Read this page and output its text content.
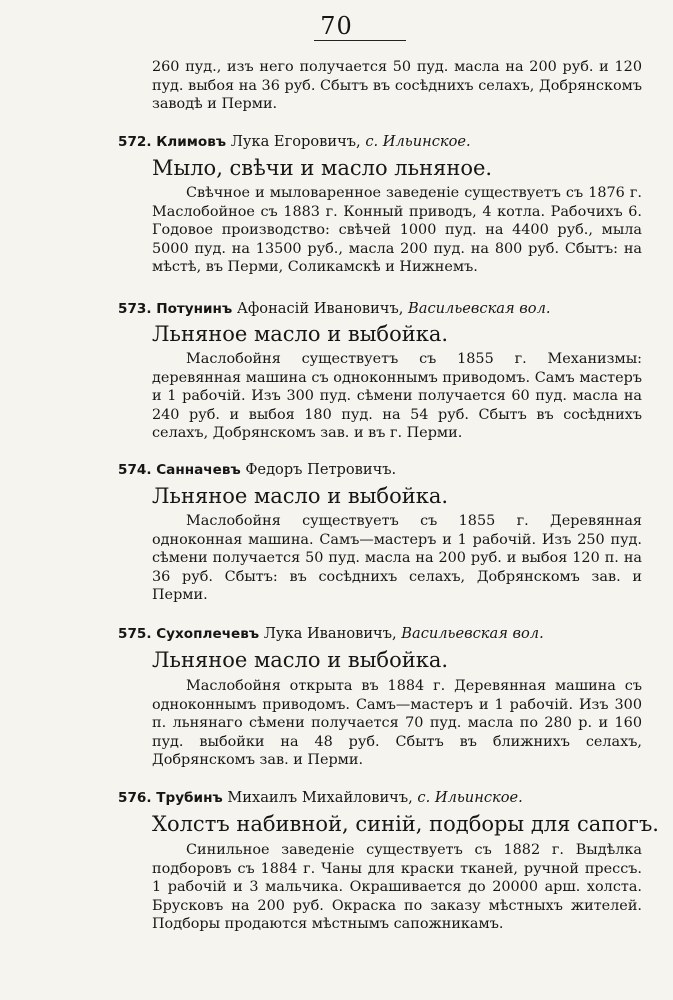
70

260 пуд., изъ него получается 50 пуд. масла на 200 руб. и 120 пуд. выбоя на 36 руб. Сбытъ въ сосѣднихъ селахъ, Добрянскомъ заводѣ и Перми.

572. Климовъ Лука Егоровичъ, с. Ильинское.
Мыло, свѣчи и масло льняное.

Свѣчное и мыловаренное заведеніе существуетъ съ 1876 г. Маслобойное съ 1883 г. Конный приводъ, 4 котла. Рабочихъ 6. Годовое производство: свѣчей 1000 пуд. на 4400 руб., мыла 5000 пуд. на 13500 руб., масла 200 пуд. на 800 руб. Сбытъ: на мѣстѣ, въ Перми, Соликамскѣ и Нижнемъ.

573. Потунинъ Афонасій Ивановичъ, Васильевская вол.
Льняное масло и выбойка.

Маслобойня существуетъ съ 1855 г. Механизмы: деревянная машина съ одноконнымъ приводомъ. Самъ мастеръ и 1 рабочій. Изъ 300 пуд. сѣмени получается 60 пуд. масла на 240 руб. и выбоя 180 пуд. на 54 руб. Сбытъ въ сосѣднихъ селахъ, Добрянскомъ зав. и въ г. Перми.

574. Санначевъ Федоръ Петровичъ.
Льняное масло и выбойка.

Маслобойня существуетъ съ 1855 г. Деревянная одноконная машина. Самъ—мастеръ и 1 рабочій. Изъ 250 пуд. сѣмени получается 50 пуд. масла на 200 руб. и выбоя 120 п. на 36 руб. Сбытъ: въ сосѣднихъ селахъ, Добрянскомъ зав. и Перми.

575. Сухоплечевъ Лука Ивановичъ, Васильевская вол.
Льняное масло и выбойка.

Маслобойня открыта въ 1884 г. Деревянная машина съ одноконнымъ приводомъ. Самъ—мастеръ и 1 рабочій. Изъ 300 п. льнянаго сѣмени получается 70 пуд. масла по 280 р. и 160 пуд. выбойки на 48 руб. Сбытъ въ ближнихъ селахъ, Добрянскомъ зав. и Перми.

576. Трубинъ Михаилъ Михайловичъ, с. Ильинское.
Холстъ набивной, синій, подборы для сапогъ.

Синильное заведеніе существуетъ съ 1882 г. Выдѣлка подборовъ съ 1884 г. Чаны для краски тканей, ручной прессъ. 1 рабочій и 3 мальчика. Окрашивается до 20000 арш. холста. Брусковъ на 200 руб. Окраска по заказу мѣстныхъ жителей. Подборы продаются мѣстнымъ сапожникамъ.
